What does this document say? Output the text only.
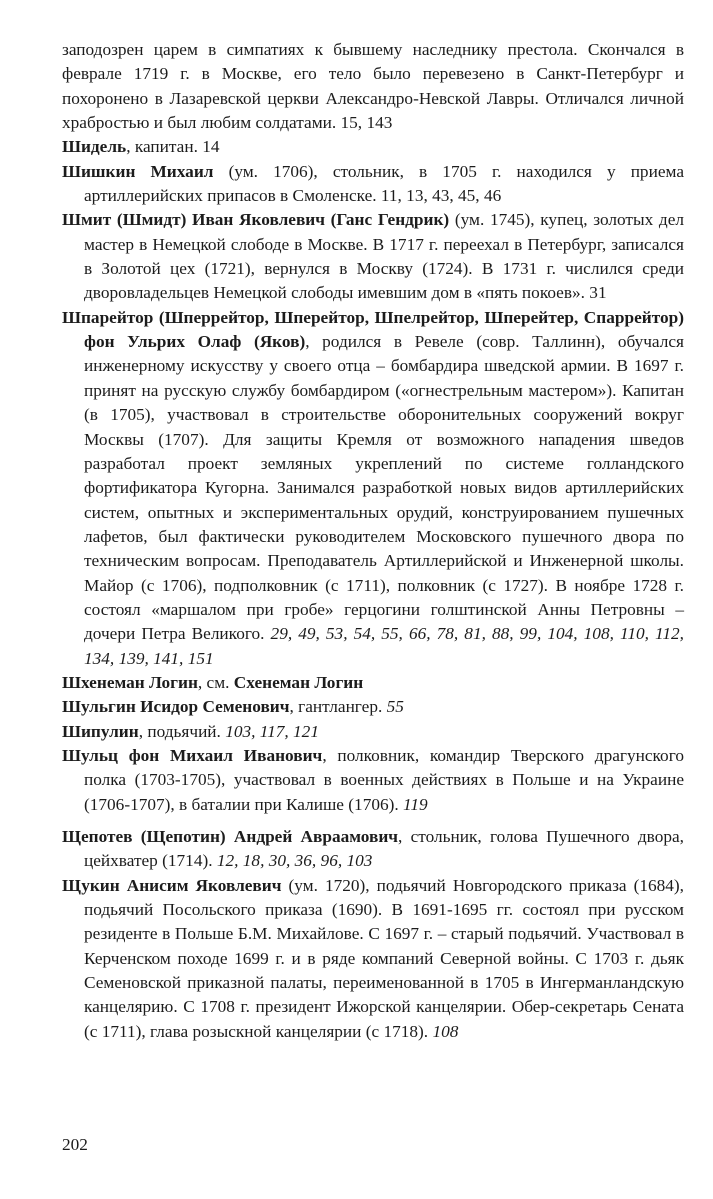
заподозрен царем в симпатиях к бывшему наследнику престола. Скончался в феврале 1719 г. в Москве, его тело было перевезено в Санкт-Петербург и похоронено в Лазаревской церкви Александро-Невской Лавры. Отличался личной храбростью и был любим солдатами. 15, 143

Шидель, капитан. 14

Шишкин Михаил (ум. 1706), стольник, в 1705 г. находился у приема артиллерийских припасов в Смоленске. 11, 13, 43, 45, 46

Шмит (Шмидт) Иван Яковлевич (Ганс Гендрик) (ум. 1745), купец, золотых дел мастер в Немецкой слободе в Москве. В 1717 г. переехал в Петербург, записался в Золотой цех (1721), вернулся в Москву (1724). В 1731 г. числился среди дворовладельцев Немецкой слободы имевшим дом в «пять покоев». 31

Шпарейтор (Шперрейтор, Шперейтор, Шпелрейтор, Шперейтер, Спаррейтор) фон Ульрих Олаф (Яков), родился в Ревеле (совр. Таллинн), обучался инженерному искусству у своего отца – бомбардира шведской армии. В 1697 г. принят на русскую службу бомбардиром («огнестрельным мастером»). Капитан (в 1705), участвовал в строительстве оборонительных сооружений вокруг Москвы (1707). Для защиты Кремля от возможного нападения шведов разработал проект земляных укреплений по системе голландского фортификатора Кугорна. Занимался разработкой новых видов артиллерийских систем, опытных и экспериментальных орудий, конструированием пушечных лафетов, был фактически руководителем Московского пушечного двора по техническим вопросам. Преподаватель Артиллерийской и Инженерной школы. Майор (с 1706), подполковник (с 1711), полковник (с 1727). В ноябре 1728 г. состоял «маршалом при гробе» герцогини голштинской Анны Петровны – дочери Петра Великого. 29, 49, 53, 54, 55, 66, 78, 81, 88, 99, 104, 108, 110, 112, 134, 139, 141, 151

Шхенеман Логин, см. Схенеман Логин

Шульгин Исидор Семенович, гантлангер. 55

Шипулин, подьячий. 103, 117, 121

Шульц фон Михаил Иванович, полковник, командир Тверского драгунского полка (1703-1705), участвовал в военных действиях в Польше и на Украине (1706-1707), в баталии при Калише (1706). 119

Щепотев (Щепотин) Андрей Авраамович, стольник, голова Пушечного двора, цейхватер (1714). 12, 18, 30, 36, 96, 103

Щукин Анисим Яковлевич (ум. 1720), подьячий Новгородского приказа (1684), подьячий Посольского приказа (1690). В 1691-1695 гг. состоял при русском резиденте в Польше Б.М. Михайлове. С 1697 г. – старый подьячий. Участвовал в Керченском походе 1699 г. и в ряде компаний Северной войны. С 1703 г. дьяк Семеновской приказной палаты, переименованной в 1705 в Ингерманландскую канцелярию. С 1708 г. президент Ижорской канцелярии. Обер-секретарь Сената (с 1711), глава розыскной канцелярии (с 1718). 108

202
